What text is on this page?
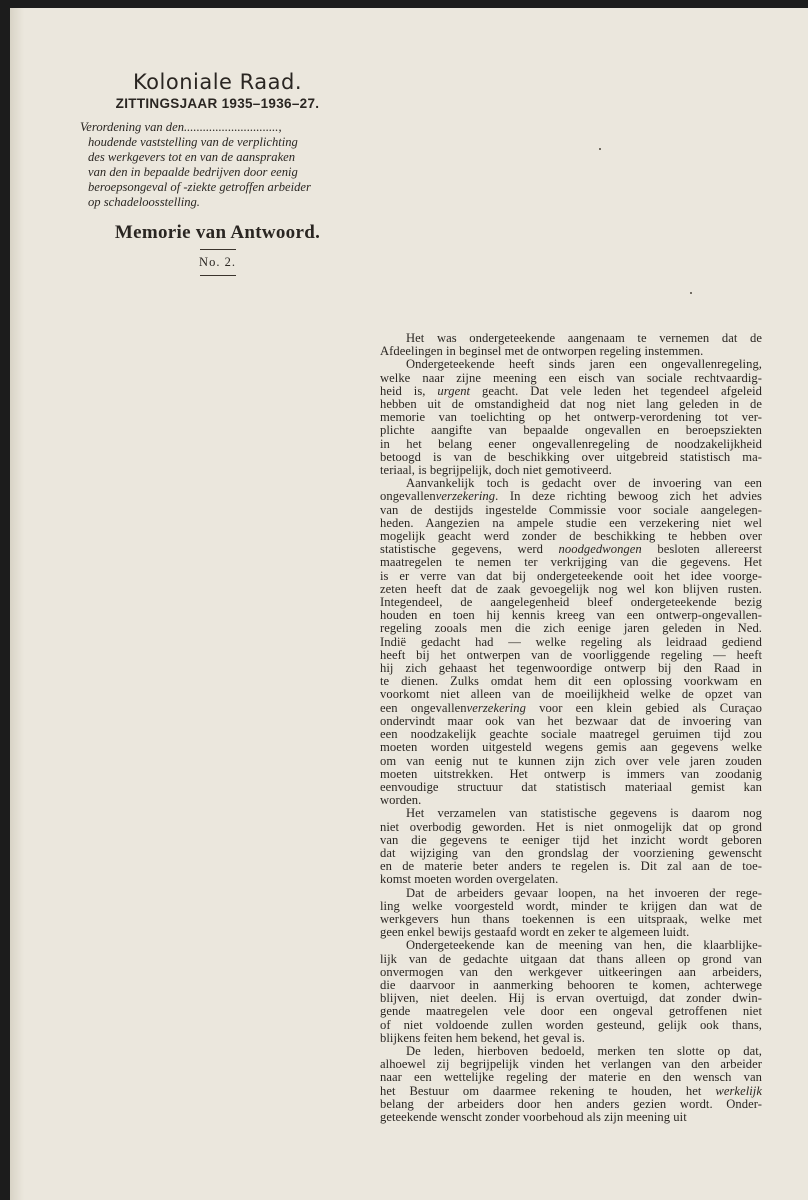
Koloniale Raad.
ZITTINGSJAAR 1935–1936–27.
Verordening van den..............................,
houdende vaststelling van de verplichting
des werkgevers tot en van de aanspraken
van den in bepaalde bedrijven door eenig
beroepsongeval of -ziekte getroffen arbeider
op schadeloosstelling.
Memorie van Antwoord.
No. 2.
Het was ondergeteekende aangenaam te vernemen dat de
Afdeelingen in beginsel met de ontworpen regeling instemmen.
Ondergeteekende heeft sinds jaren een ongevallenregeling,
welke naar zijne meening een eisch van sociale rechtvaardig-
heid is, urgent geacht. Dat vele leden het tegendeel afgeleid
hebben uit de omstandigheid dat nog niet lang geleden in de
memorie van toelichting op het ontwerp-verordening tot ver-
plichte aangifte van bepaalde ongevallen en beroepsziekten
in het belang eener ongevallenregeling de noodzakelijkheid
betoogd is van de beschikking over uitgebreid statistisch ma-
teriaal, is begrijpelijk, doch niet gemotiveerd.
Aanvankelijk toch is gedacht over de invoering van een
ongevallenverzekering. In deze richting bewoog zich het advies
van de destijds ingestelde Commissie voor sociale aangelegen-
heden. Aangezien na ampele studie een verzekering niet wel
mogelijk geacht werd zonder de beschikking te hebben over
statistische gegevens, werd noodgedwongen besloten allereerst
maatregelen te nemen ter verkrijging van die gegevens. Het
is er verre van dat bij ondergeteekende ooit het idee voorge-
zeten heeft dat de zaak gevoegelijk nog wel kon blijven rusten.
Integendeel, de aangelegenheid bleef ondergeteekende bezig
houden en toen hij kennis kreeg van een ontwerp-ongevallen-
regeling zooals men die zich eenige jaren geleden in Ned.
Indië gedacht had — welke regeling als leidraad gediend
heeft bij het ontwerpen van de voorliggende regeling — heeft
hij zich gehaast het tegenwoordige ontwerp bij den Raad in
te dienen. Zulks omdat hem dit een oplossing voorkwam en
voorkomt niet alleen van de moeilijkheid welke de opzet van
een ongevallenverzekering voor een klein gebied als Curaçao
ondervindt maar ook van het bezwaar dat de invoering van
een noodzakelijk geachte sociale maatregel geruimen tijd zou
moeten worden uitgesteld wegens gemis aan gegevens welke
om van eenig nut te kunnen zijn zich over vele jaren zouden
moeten uitstrekken. Het ontwerp is immers van zoodanig
eenvoudige structuur dat statistisch materiaal gemist kan
worden.
Het verzamelen van statistische gegevens is daarom nog
niet overbodig geworden. Het is niet onmogelijk dat op grond
van die gegevens te eeniger tijd het inzicht wordt geboren
dat wijziging van den grondslag der voorziening gewenscht
en de materie beter anders te regelen is. Dit zal aan de toe-
komst moeten worden overgelaten.
Dat de arbeiders gevaar loopen, na het invoeren der rege-
ling welke voorgesteld wordt, minder te krijgen dan wat de
werkgevers hun thans toekennen is een uitspraak, welke met
geen enkel bewijs gestaafd wordt en zeker te algemeen luidt.
Ondergeteekende kan de meening van hen, die klaarblijke-
lijk van de gedachte uitgaan dat thans alleen op grond van
onvermogen van den werkgever uitkeeringen aan arbeiders,
die daarvoor in aanmerking behooren te komen, achterwege
blijven, niet deelen. Hij is ervan overtuigd, dat zonder dwin-
gende maatregelen vele door een ongeval getroffenen niet
of niet voldoende zullen worden gesteund, gelijk ook thans,
blijkens feiten hem bekend, het geval is.
De leden, hierboven bedoeld, merken ten slotte op dat,
alhoewel zij begrijpelijk vinden het verlangen van den arbeider
naar een wettelijke regeling der materie en den wensch van
het Bestuur om daarmee rekening te houden, het werkelijk
belang der arbeiders door hen anders gezien wordt. Onder-
geteekende wenscht zonder voorbehoud als zijn meening uit
